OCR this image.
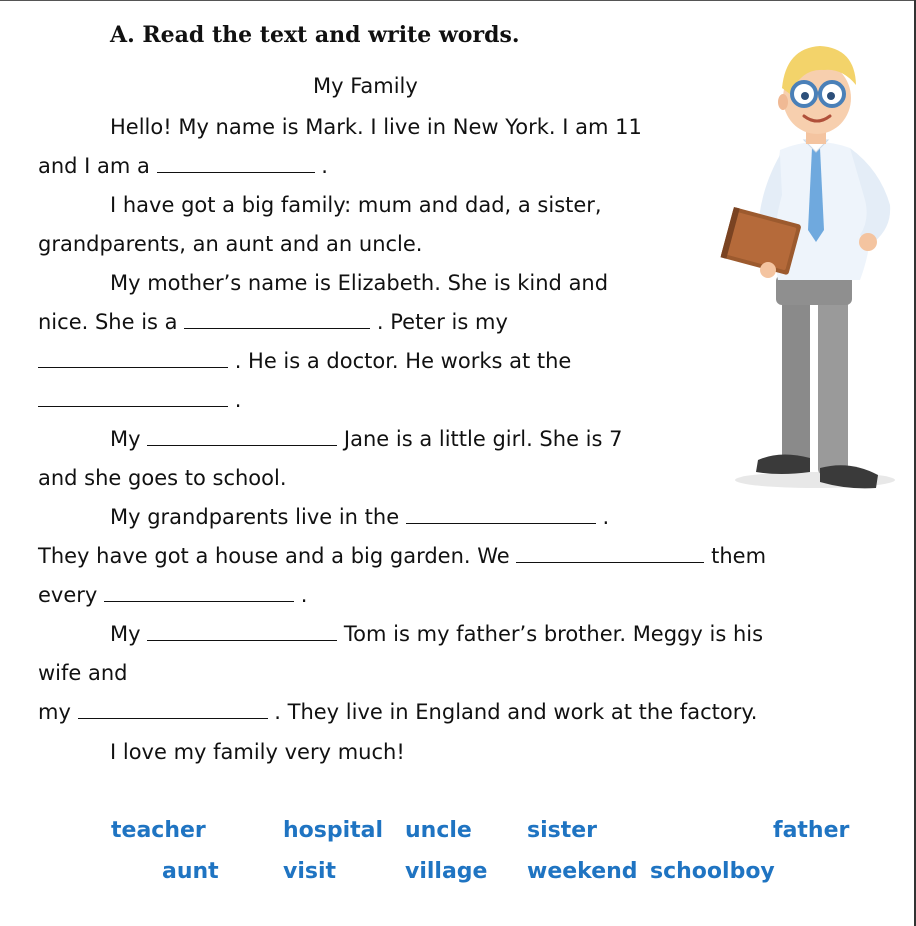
A. Read the text and write words.
My Family
Hello! My name is Mark. I live in New York. I am 11
and I am a	.
I have got a big family: mum and dad, a sister,
grandparents, an aunt and an uncle.
My mother’s name is Elizabeth. She is kind and
nice. She is a	. Peter is my
. He is a doctor. He works at the
.
My	Jane is a little girl. She is 7
and she goes to school.
My grandparents live in the	.
They have got a house and a big garden. We	them
every	.
My	Tom is my father’s brother. Meggy is his
wife and
my	. They live in England and work at the factory.
I love my family very much!
teacher	hospital uncle	sister	father
aunt	visit	village weekend schoolboy
